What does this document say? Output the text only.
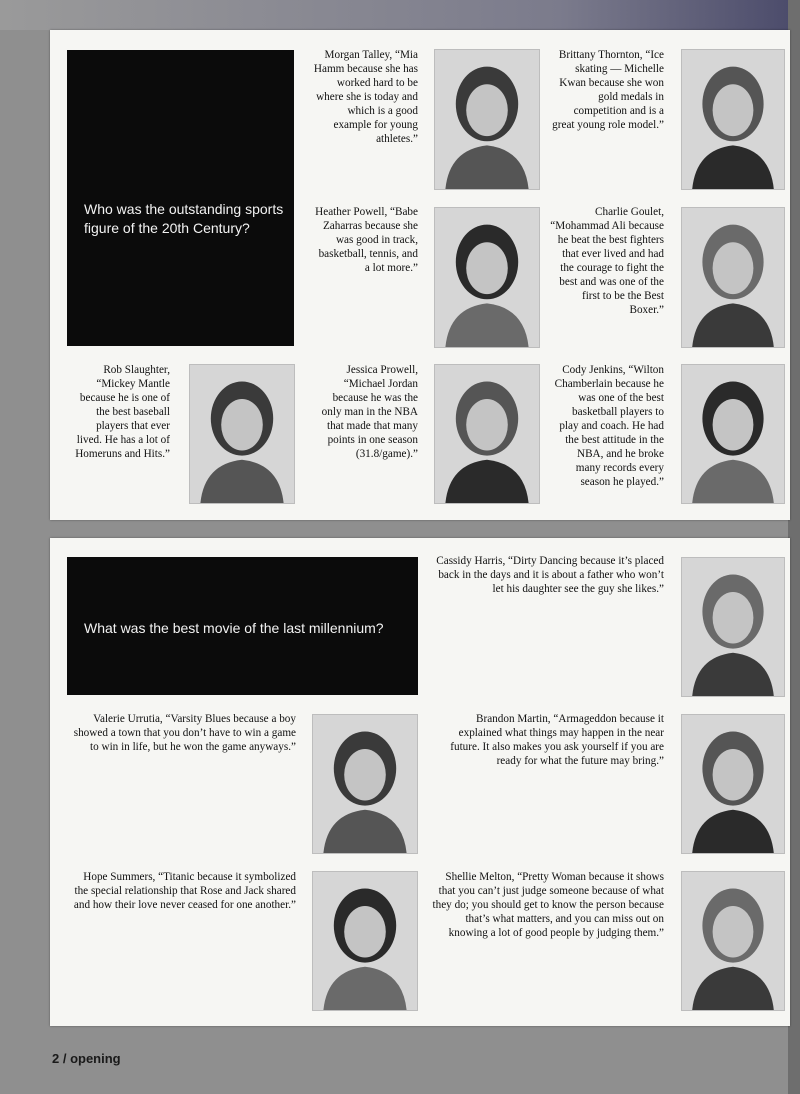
Who was the outstanding sports figure of the 20th Century?
Morgan Talley, “Mia Hamm because she has worked hard to be where she is today and which is a good example for young athletes.”
Brittany Thornton, “Ice skating — Michelle Kwan because she won gold medals in competition and is a great young role model.”
Heather Powell, “Babe Zaharras because she was good in track, basketball, tennis, and a lot more.”
Charlie Goulet, “Mohammad Ali because he beat the best fighters that ever lived and had the courage to fight the best and was one of the first to be the Best Boxer.”
Rob Slaughter, “Mickey Mantle because he is one of the best baseball players that ever lived. He has a lot of Homeruns and Hits.”
Jessica Prowell, “Michael Jordan because he was the only man in the NBA that made that many points in one season (31.8/game).”
Cody Jenkins, “Wilton Chamberlain because he was one of the best basketball players to play and coach. He had the best attitude in the NBA, and he broke many records every season he played.”
What was the best movie of the last millennium?
Cassidy Harris, “Dirty Dancing because it’s placed back in the days and it is about a father who won’t let his daughter see the guy she likes.”
Valerie Urrutia, “Varsity Blues because a boy showed a town that you don’t have to win a game to win in life, but he won the game anyways.”
Brandon Martin, “Armageddon because it explained what things may happen in the near future. It also makes you ask yourself if you are ready for what the future may bring.”
Hope Summers, “Titanic because it symbolized the special relationship that Rose and Jack shared and how their love never ceased for one another.”
Shellie Melton, “Pretty Woman because it shows that you can’t just judge someone because of what they do; you should get to know the person because that’s what matters, and you can miss out on knowing a lot of good people by judging them.”
2 / opening
